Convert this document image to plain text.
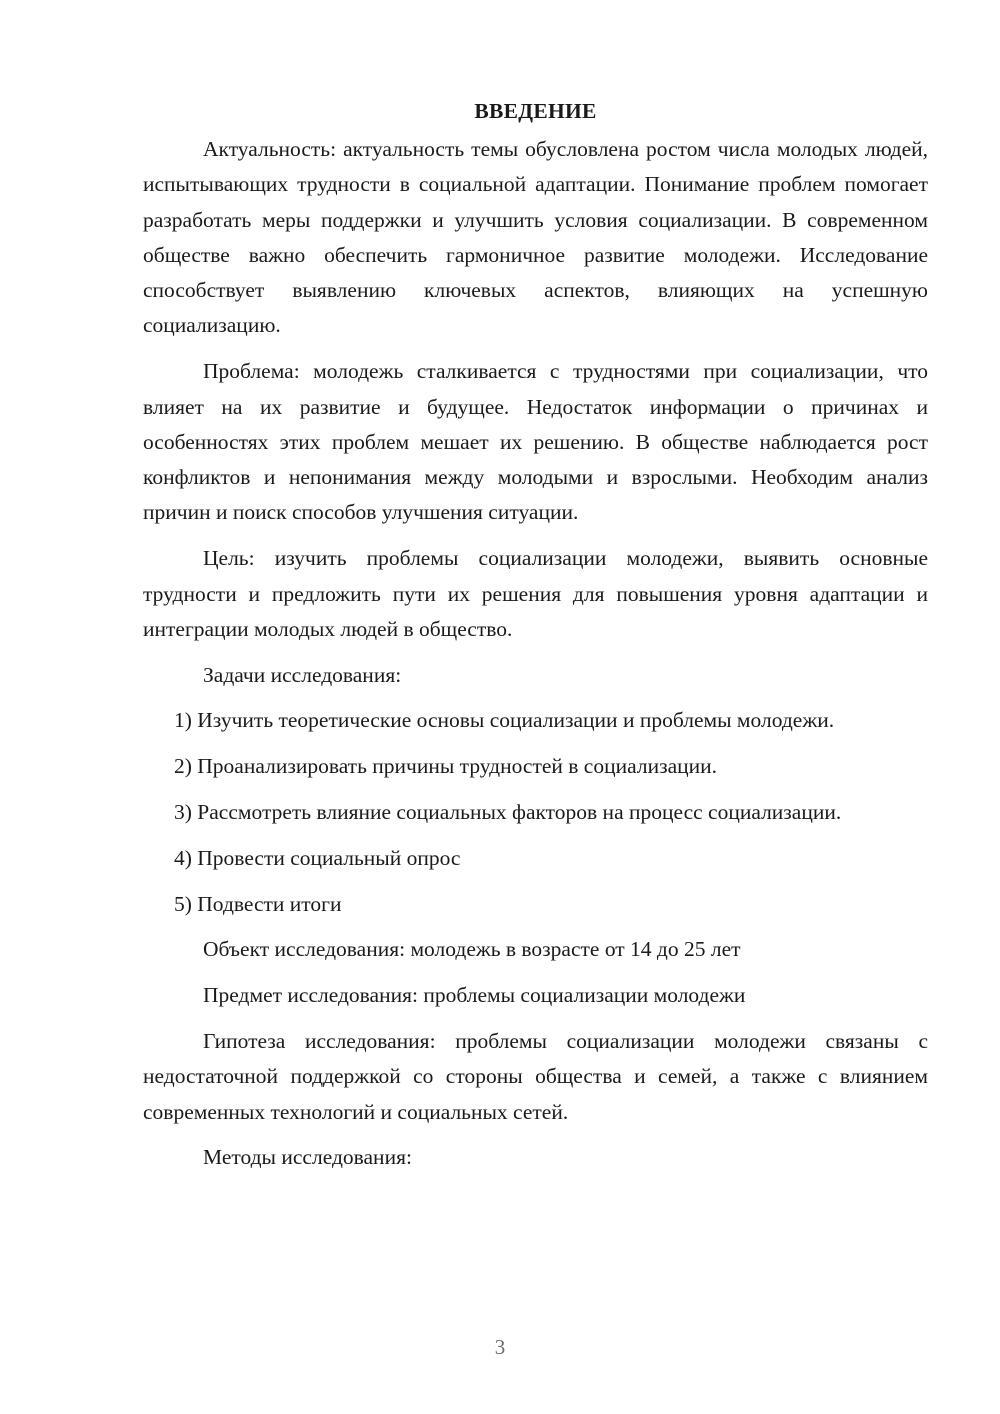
ВВЕДЕНИЕ

Актуальность: актуальность темы обусловлена ростом числа молодых людей, испытывающих трудности в социальной адаптации. Понимание проблем помогает разработать меры поддержки и улучшить условия социализации. В современном обществе важно обеспечить гармоничное развитие молодежи. Исследование способствует выявлению ключевых аспектов, влияющих на успешную социализацию.

Проблема: молодежь сталкивается с трудностями при социализации, что влияет на их развитие и будущее. Недостаток информации о причинах и особенностях этих проблем мешает их решению. В обществе наблюдается рост конфликтов и непонимания между молодыми и взрослыми. Необходим анализ причин и поиск способов улучшения ситуации.

Цель: изучить проблемы социализации молодежи, выявить основные трудности и предложить пути их решения для повышения уровня адаптации и интеграции молодых людей в общество.

Задачи исследования:

1) Изучить теоретические основы социализации и проблемы молодежи.

2) Проанализировать причины трудностей в социализации.

3) Рассмотреть влияние социальных факторов на процесс социализации.

4) Провести социальный опрос

5) Подвести итоги

Объект исследования: молодежь в возрасте от 14 до 25 лет

Предмет исследования: проблемы социализации молодежи

Гипотеза исследования: проблемы социализации молодежи связаны с недостаточной поддержкой со стороны общества и семей, а также с влиянием современных технологий и социальных сетей.

Методы исследования:

3
